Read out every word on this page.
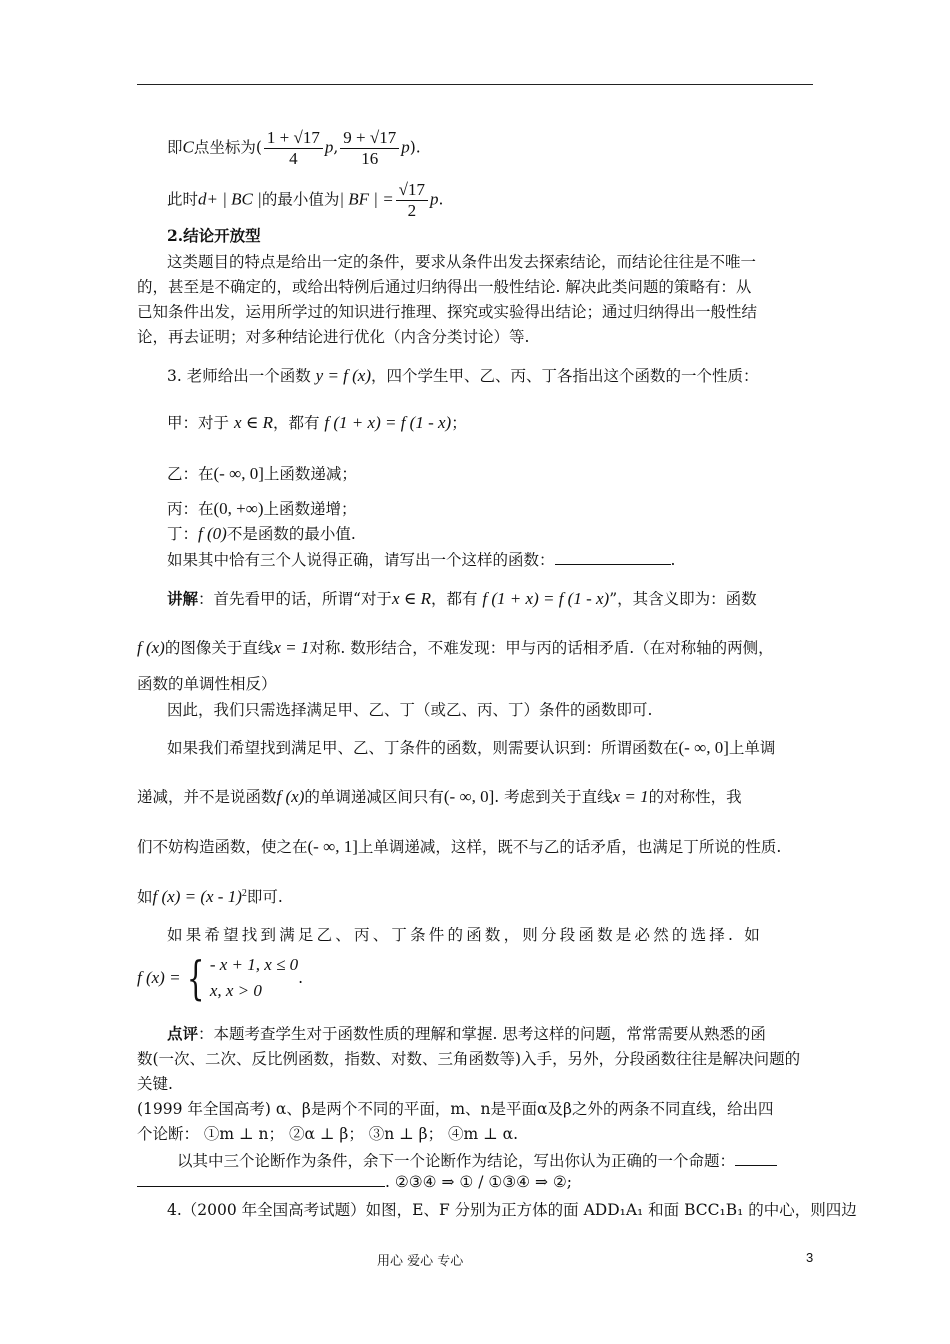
即C点坐标为( $\frac{1 + √17}{4} p$, $\frac{9 + √17}{16} p$).
此时d+ | BC |的最小值为| BF | = $\frac{√17}{2} p$.
2.结论开放型
这类题目的特点是给出一定的条件，要求从条件出发去探索结论，而结论往往是不唯一
的，甚至是不确定的，或给出特例后通过归纳得出一般性结论. 解决此类问题的策略有：从
已知条件出发，运用所学过的知识进行推理、探究或实验得出结论；通过归纳得出一般性结
论，再去证明；对多种结论进行优化（内含分类讨论）等.
3. 老师给出一个函数 y = f (x)，四个学生甲、乙、丙、丁各指出这个函数的一个性质：
甲：对于 x ∈ R，都有 f (1 + x) = f (1 - x)；
乙：在(- ∞, 0]上函数递减；
丙：在(0, +∞)上函数递增；
丁：f (0)不是函数的最小值.
如果其中恰有三个人说得正确，请写出一个这样的函数：	.
讲解：首先看甲的话，所谓“对于x ∈ R，都有 f (1 + x) = f (1 - x)”，其含义即为：函数
f (x)的图像关于直线x = 1对称. 数形结合，不难发现：甲与丙的话相矛盾.（在对称轴的两侧，
函数的单调性相反）
因此，我们只需选择满足甲、乙、丁（或乙、丙、丁）条件的函数即可.
如果我们希望找到满足甲、乙、丁条件的函数，则需要认识到：所谓函数在(- ∞, 0]上单调
递减，并不是说函数f (x)的单调递减区间只有(- ∞, 0]. 考虑到关于直线x = 1的对称性，我
们不妨构造函数，使之在(- ∞, 1]上单调递减，这样，既不与乙的话矛盾，也满足丁所说的性质.
如f (x) = (x - 1)$^2$即可.
如果希望找到满足乙、丙、丁条件的函数，则分段函数是必然的选择. 如
f (x) = { - x + 1, x ≤ 0
x, x > 0
.
点评：本题考查学生对于函数性质的理解和掌握. 思考这样的问题，常常需要从熟悉的函
数(一次、二次、反比例函数，指数、对数、三角函数等)入手，另外，分段函数往往是解决问题的
关键.
(1999 年全国高考) α、β是两个不同的平面，m、n是平面α及β之外的两条不同直线，给出四
个论断： ①m ⊥ n； ②α ⊥ β； ③n ⊥ β； ④m ⊥ α.
以其中三个论断作为条件，余下一个论断作为结论，写出你认为正确的一个命题：
. ②③④ ⇒ ① / ①③④ ⇒ ②;
4.（2000 年全国高考试题）如图，E、F 分别为正方体的面 ADD₁A₁ 和面 BCC₁B₁ 的中心，则四边
用心 爱心 专心	3
